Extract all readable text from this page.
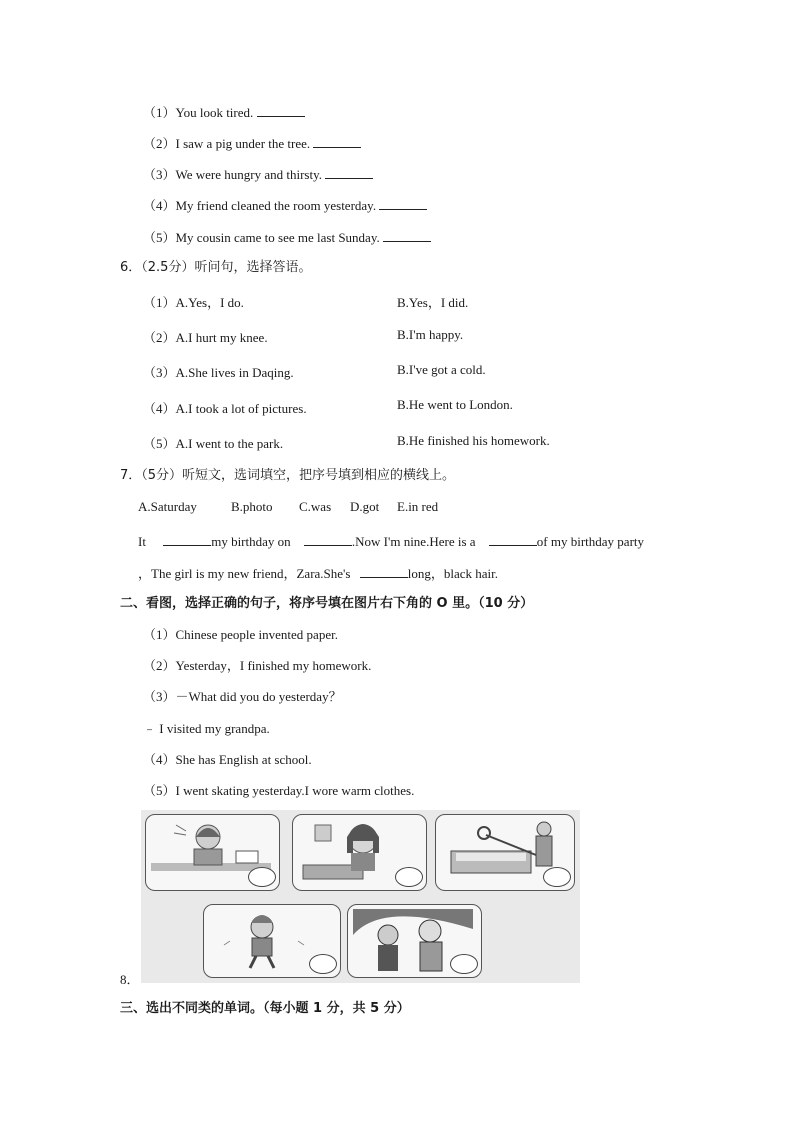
（1）You look tired.
（2）I saw a pig under the tree.
（3）We were hungry and thirsty.
（4）My friend cleaned the room yesterday.
（5）My cousin came to see me last Sunday.
6．（2.5分）听问句，选择答语。
（1）A.Yes，I do.	B.Yes，I did.
（2）A.I hurt my knee.	B.I'm happy.
（3）A.She lives in Daqing.	B.I've got a cold.
（4）A.I took a lot of pictures.	B.He went to London.
（5）A.I went to the park.	B.He finished his homework.
7．（5分）听短文，选词填空，把序号填到相应的横线上。
A.Saturday	B.photo C.was D.got E.in red
It	my birthday on	.Now I'm nine.Here is a	of my birthday party
，The girl is my new friend，Zara.She's	long，black hair.
二、看图，选择正确的句子，将序号填在图片右下角的 O 里。（10 分）
（1）Chinese people invented paper.
（2）Yesterday，I finished my homework.
（3）－What did you do yesterday？
﹣ I visited my grandpa.
（4）She has English at school.
（5）I went skating yesterday.I wore warm clothes.
8．
三、选出不同类的单词。（每小题 1 分，共 5 分）
